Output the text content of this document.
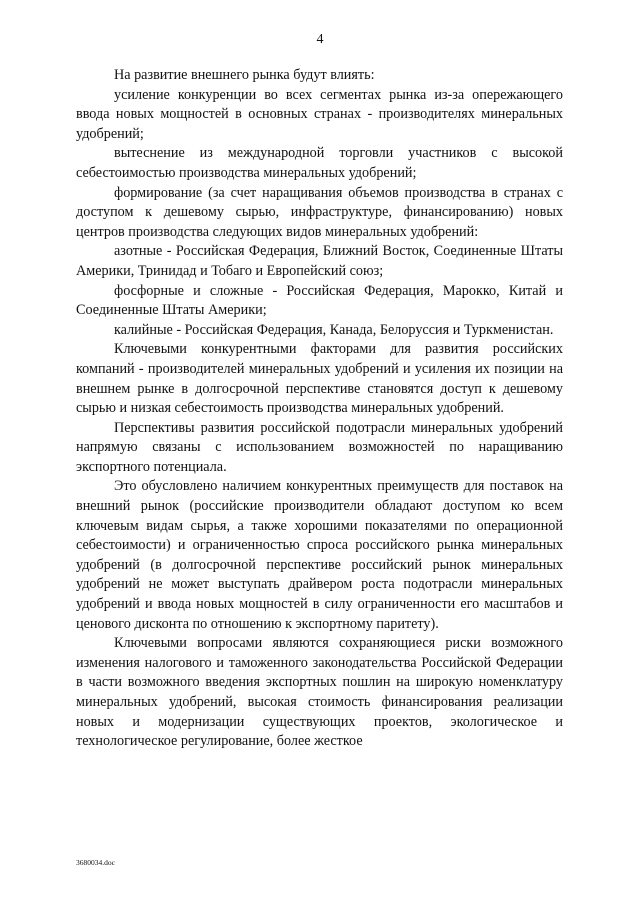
4

На развитие внешнего рынка будут влиять:

усиление конкуренции во всех сегментах рынка из-за опережающего ввода новых мощностей в основных странах - производителях минеральных удобрений;

вытеснение из международной торговли участников с высокой себестоимостью производства минеральных удобрений;

формирование (за счет наращивания объемов производства в странах с доступом к дешевому сырью, инфраструктуре, финансированию) новых центров производства следующих видов минеральных удобрений:

азотные - Российская Федерация, Ближний Восток, Соединенные Штаты Америки, Тринидад и Тобаго и Европейский союз;

фосфорные и сложные - Российская Федерация, Марокко, Китай и Соединенные Штаты Америки;

калийные - Российская Федерация, Канада, Белоруссия и Туркменистан.

Ключевыми конкурентными факторами для развития российских компаний - производителей минеральных удобрений и усиления их позиции на внешнем рынке в долгосрочной перспективе становятся доступ к дешевому сырью и низкая себестоимость производства минеральных удобрений.

Перспективы развития российской подотрасли минеральных удобрений напрямую связаны с использованием возможностей по наращиванию экспортного потенциала.

Это обусловлено наличием конкурентных преимуществ для поставок на внешний рынок (российские производители обладают доступом ко всем ключевым видам сырья, а также хорошими показателями по операционной себестоимости) и ограниченностью спроса российского рынка минеральных удобрений (в долгосрочной перспективе российский рынок минеральных удобрений не может выступать драйвером роста подотрасли минеральных удобрений и ввода новых мощностей в силу ограниченности его масштабов и ценового дисконта по отношению к экспортному паритету).

Ключевыми вопросами являются сохраняющиеся риски возможного изменения налогового и таможенного законодательства Российской Федерации в части возможного введения экспортных пошлин на широкую номенклатуру минеральных удобрений, высокая стоимость финансирования реализации новых и модернизации существующих проектов, экологическое и технологическое регулирование, более жесткое

3680034.doc
